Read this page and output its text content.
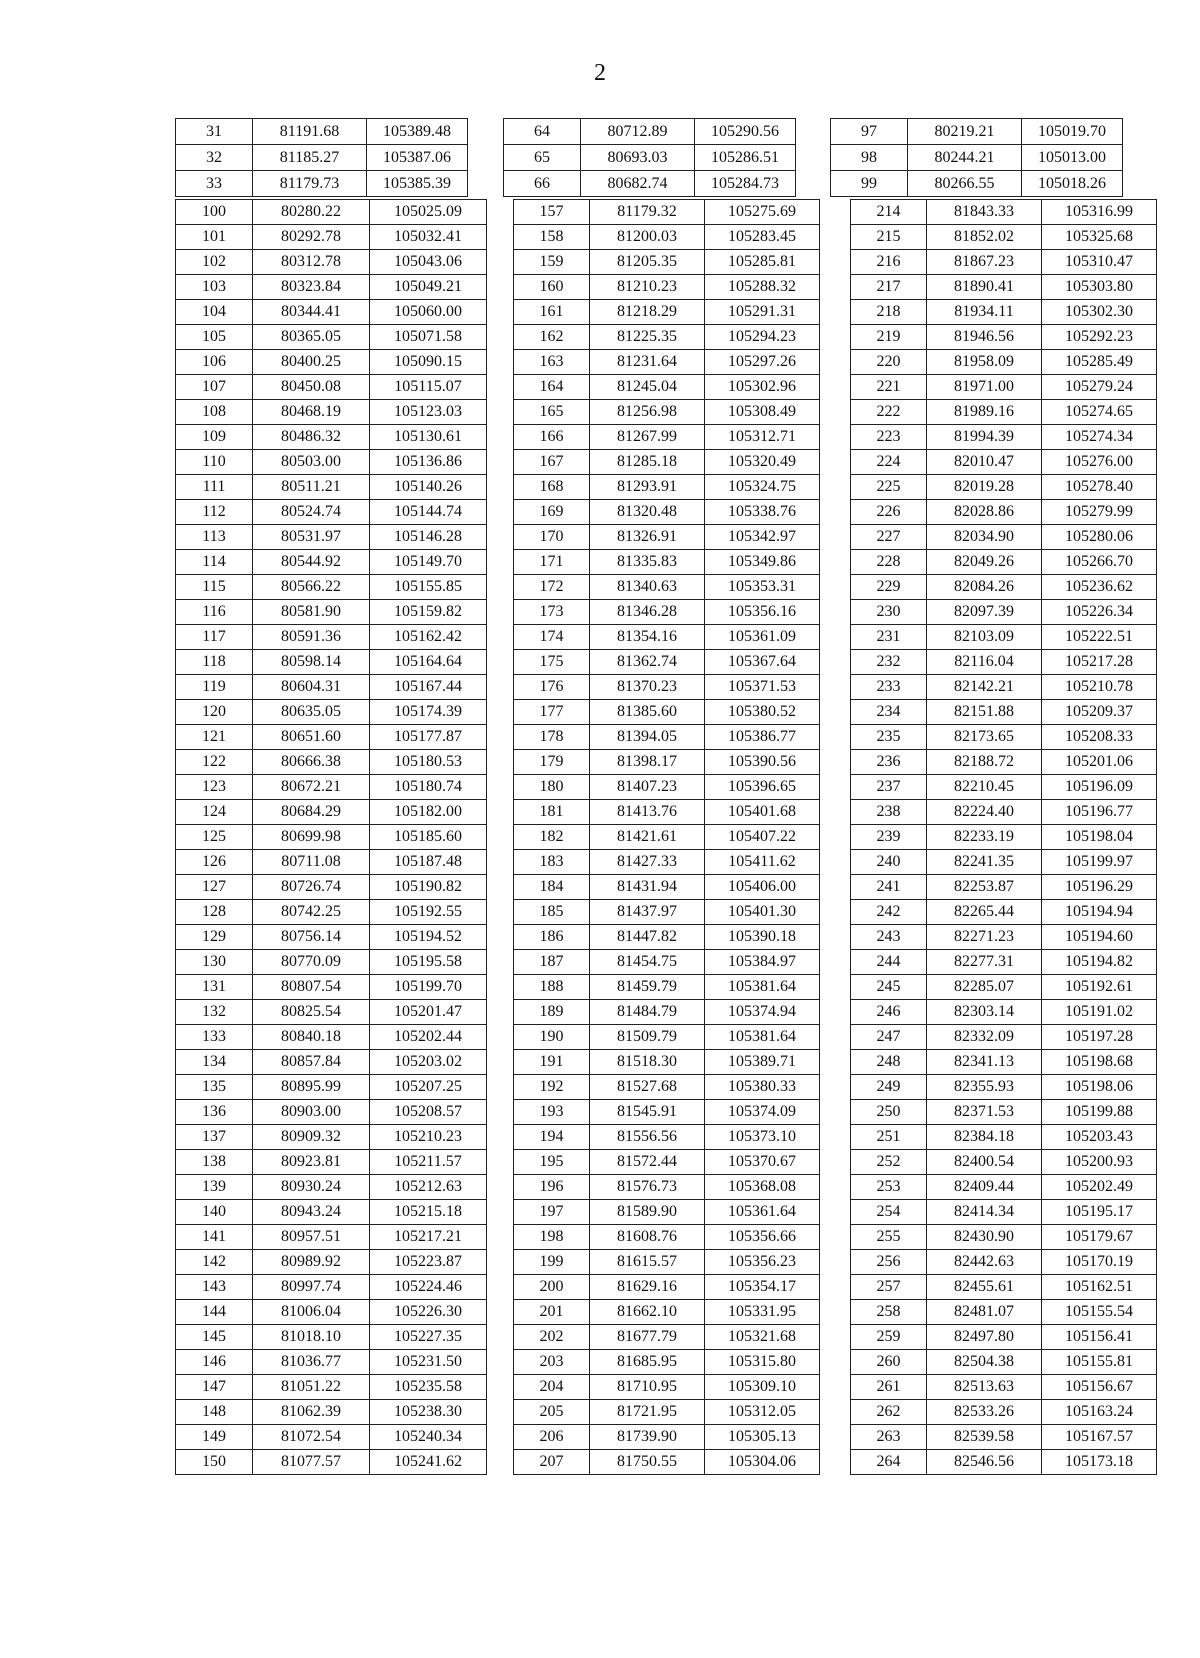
2
31	81191.68	105389.48
32	81185.27	105387.06
33	81179.73	105385.39
64	80712.89	105290.56
65	80693.03	105286.51
66	80682.74	105284.73
97	80219.21	105019.70
98	80244.21	105013.00
99	80266.55	105018.26
100	80280.22	105025.09
101	80292.78	105032.41
102	80312.78	105043.06
103	80323.84	105049.21
104	80344.41	105060.00
105	80365.05	105071.58
106	80400.25	105090.15
107	80450.08	105115.07
108	80468.19	105123.03
109	80486.32	105130.61
110	80503.00	105136.86
111	80511.21	105140.26
112	80524.74	105144.74
113	80531.97	105146.28
114	80544.92	105149.70
115	80566.22	105155.85
116	80581.90	105159.82
117	80591.36	105162.42
118	80598.14	105164.64
119	80604.31	105167.44
120	80635.05	105174.39
121	80651.60	105177.87
122	80666.38	105180.53
123	80672.21	105180.74
124	80684.29	105182.00
125	80699.98	105185.60
126	80711.08	105187.48
127	80726.74	105190.82
128	80742.25	105192.55
129	80756.14	105194.52
130	80770.09	105195.58
131	80807.54	105199.70
132	80825.54	105201.47
133	80840.18	105202.44
134	80857.84	105203.02
135	80895.99	105207.25
136	80903.00	105208.57
137	80909.32	105210.23
138	80923.81	105211.57
139	80930.24	105212.63
140	80943.24	105215.18
141	80957.51	105217.21
142	80989.92	105223.87
143	80997.74	105224.46
144	81006.04	105226.30
145	81018.10	105227.35
146	81036.77	105231.50
147	81051.22	105235.58
148	81062.39	105238.30
149	81072.54	105240.34
150	81077.57	105241.62
157	81179.32	105275.69
158	81200.03	105283.45
159	81205.35	105285.81
160	81210.23	105288.32
161	81218.29	105291.31
162	81225.35	105294.23
163	81231.64	105297.26
164	81245.04	105302.96
165	81256.98	105308.49
166	81267.99	105312.71
167	81285.18	105320.49
168	81293.91	105324.75
169	81320.48	105338.76
170	81326.91	105342.97
171	81335.83	105349.86
172	81340.63	105353.31
173	81346.28	105356.16
174	81354.16	105361.09
175	81362.74	105367.64
176	81370.23	105371.53
177	81385.60	105380.52
178	81394.05	105386.77
179	81398.17	105390.56
180	81407.23	105396.65
181	81413.76	105401.68
182	81421.61	105407.22
183	81427.33	105411.62
184	81431.94	105406.00
185	81437.97	105401.30
186	81447.82	105390.18
187	81454.75	105384.97
188	81459.79	105381.64
189	81484.79	105374.94
190	81509.79	105381.64
191	81518.30	105389.71
192	81527.68	105380.33
193	81545.91	105374.09
194	81556.56	105373.10
195	81572.44	105370.67
196	81576.73	105368.08
197	81589.90	105361.64
198	81608.76	105356.66
199	81615.57	105356.23
200	81629.16	105354.17
201	81662.10	105331.95
202	81677.79	105321.68
203	81685.95	105315.80
204	81710.95	105309.10
205	81721.95	105312.05
206	81739.90	105305.13
207	81750.55	105304.06
214	81843.33	105316.99
215	81852.02	105325.68
216	81867.23	105310.47
217	81890.41	105303.80
218	81934.11	105302.30
219	81946.56	105292.23
220	81958.09	105285.49
221	81971.00	105279.24
222	81989.16	105274.65
223	81994.39	105274.34
224	82010.47	105276.00
225	82019.28	105278.40
226	82028.86	105279.99
227	82034.90	105280.06
228	82049.26	105266.70
229	82084.26	105236.62
230	82097.39	105226.34
231	82103.09	105222.51
232	82116.04	105217.28
233	82142.21	105210.78
234	82151.88	105209.37
235	82173.65	105208.33
236	82188.72	105201.06
237	82210.45	105196.09
238	82224.40	105196.77
239	82233.19	105198.04
240	82241.35	105199.97
241	82253.87	105196.29
242	82265.44	105194.94
243	82271.23	105194.60
244	82277.31	105194.82
245	82285.07	105192.61
246	82303.14	105191.02
247	82332.09	105197.28
248	82341.13	105198.68
249	82355.93	105198.06
250	82371.53	105199.88
251	82384.18	105203.43
252	82400.54	105200.93
253	82409.44	105202.49
254	82414.34	105195.17
255	82430.90	105179.67
256	82442.63	105170.19
257	82455.61	105162.51
258	82481.07	105155.54
259	82497.80	105156.41
260	82504.38	105155.81
261	82513.63	105156.67
262	82533.26	105163.24
263	82539.58	105167.57
264	82546.56	105173.18
